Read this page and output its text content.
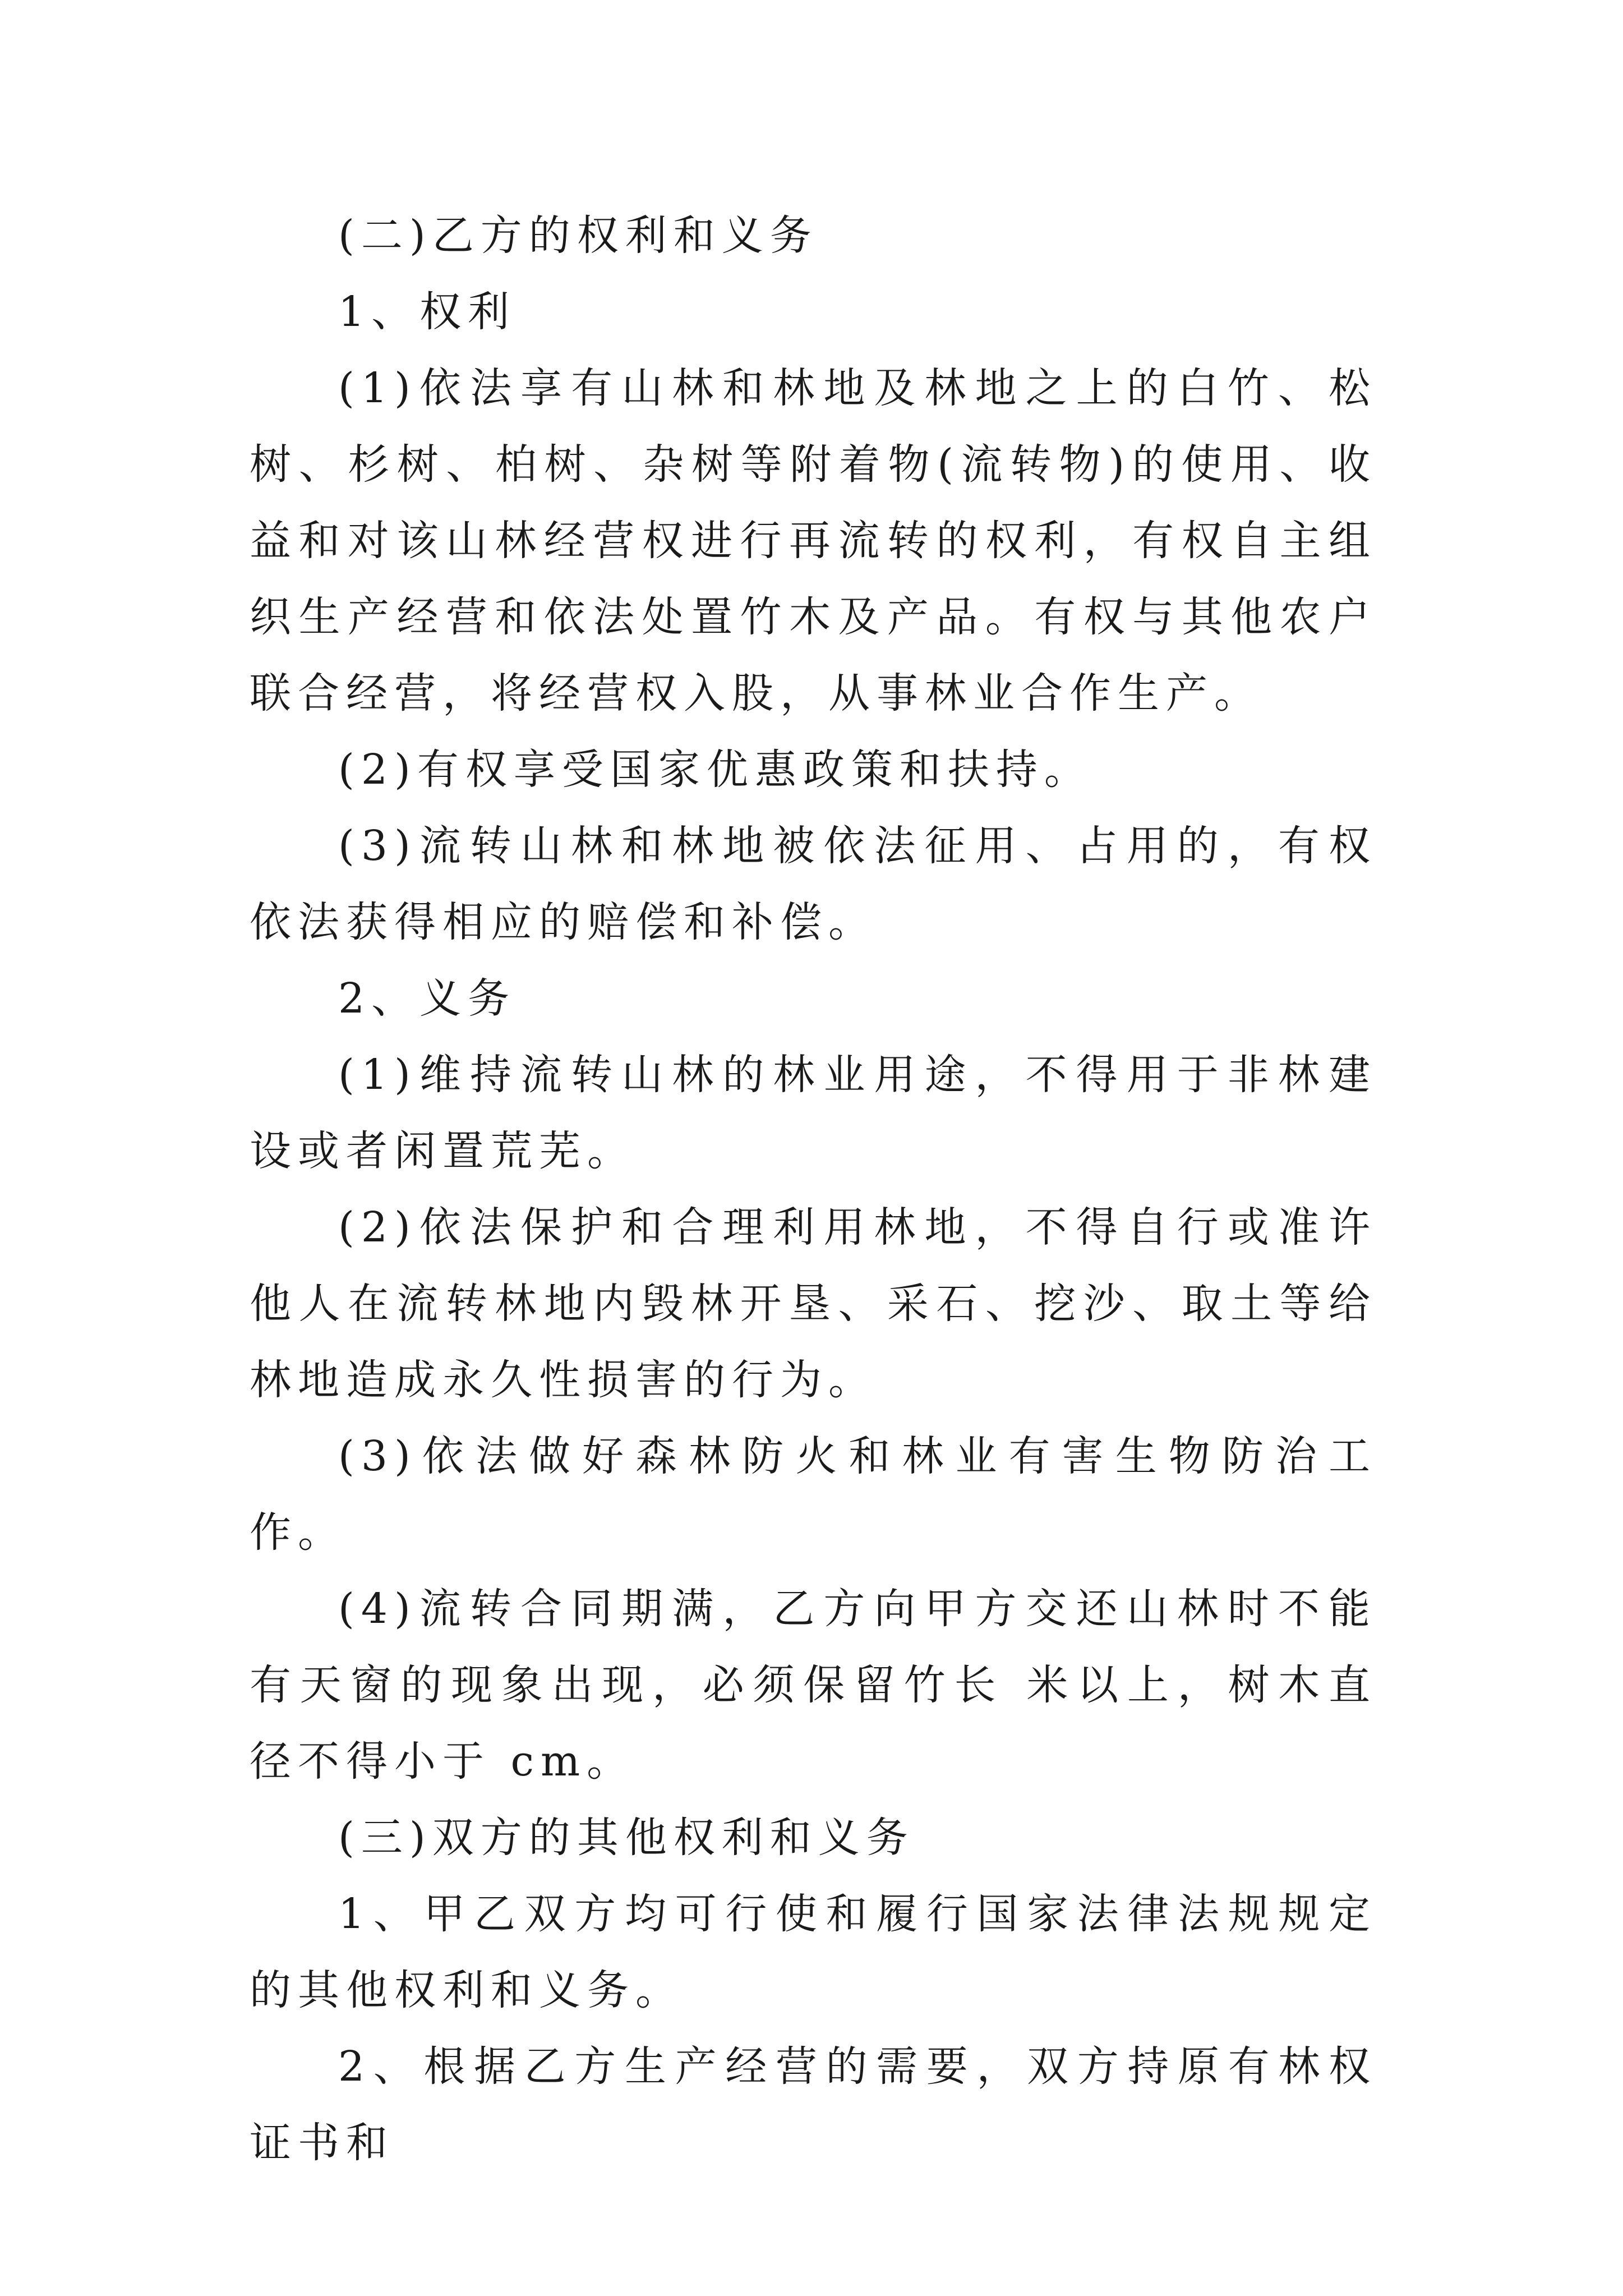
(二)乙方的权利和义务

1、权利

(1)依法享有山林和林地及林地之上的白竹、松树、杉树、柏树、杂树等附着物(流转物)的使用、收益和对该山林经营权进行再流转的权利，有权自主组织生产经营和依法处置竹木及产品。有权与其他农户联合经营，将经营权入股，从事林业合作生产。

(2)有权享受国家优惠政策和扶持。

(3)流转山林和林地被依法征用、占用的，有权依法获得相应的赔偿和补偿。

2、义务

(1)维持流转山林的林业用途，不得用于非林建设或者闲置荒芜。

(2)依法保护和合理利用林地，不得自行或准许他人在流转林地内毁林开垦、采石、挖沙、取土等给林地造成永久性损害的行为。

(3)依法做好森林防火和林业有害生物防治工作。

(4)流转合同期满，乙方向甲方交还山林时不能有天窗的现象出现，必须保留竹长 米以上，树木直径不得小于 cm。

(三)双方的其他权利和义务

1、甲乙双方均可行使和履行国家法律法规规定的其他权利和义务。

2、根据乙方生产经营的需要，双方持原有林权证书和
